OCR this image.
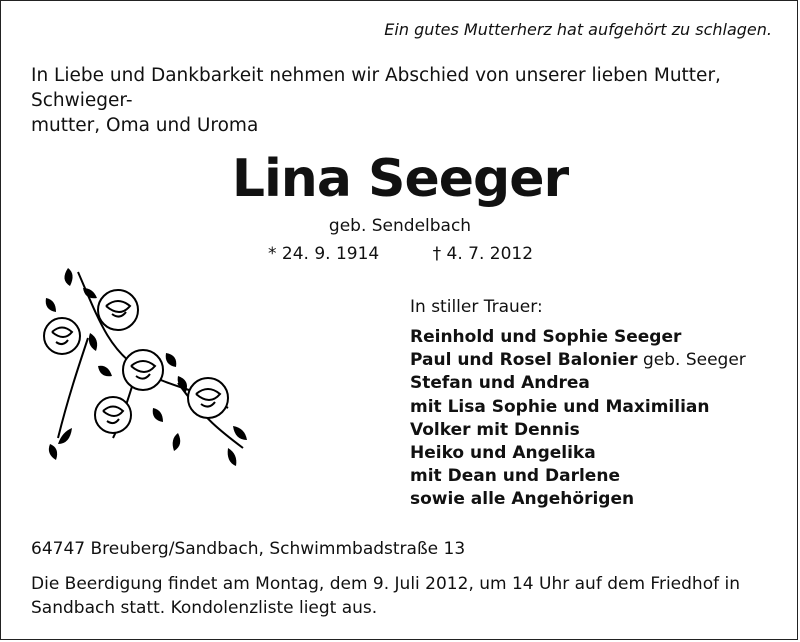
Ein gutes Mutterherz hat aufgehört zu schlagen.
In Liebe und Dankbarkeit nehmen wir Abschied von unserer lieben Mutter, Schwieger-
mutter, Oma und Uroma
Lina Seeger
geb. Sendelbach
* 24. 9. 1914	† 4. 7. 2012
In stiller Trauer:
Reinhold und Sophie Seeger
Paul und Rosel Balonier geb. Seeger
Stefan und Andrea
mit Lisa Sophie und Maximilian
Volker mit Dennis
Heiko und Angelika
mit Dean und Darlene
sowie alle Angehörigen
64747 Breuberg/Sandbach, Schwimmbadstraße 13
Die Beerdigung findet am Montag, dem 9. Juli 2012, um 14 Uhr auf dem Friedhof in
Sandbach statt. Kondolenzliste liegt aus.
